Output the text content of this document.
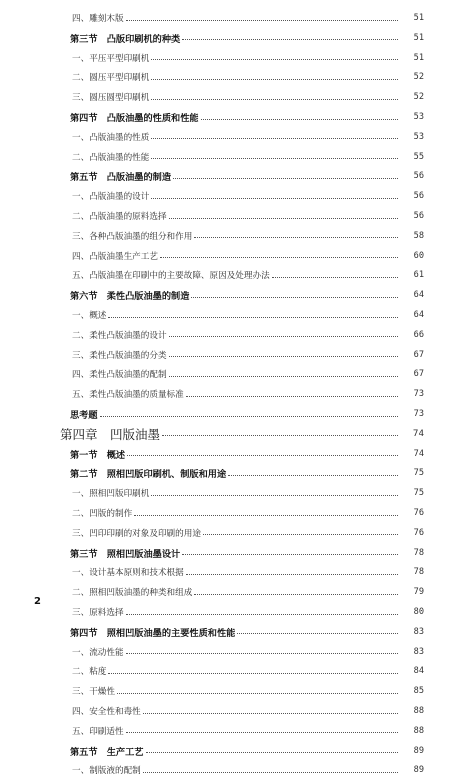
四、雕刻木版	51
第三节　凸版印刷机的种类	51
一、平压平型印刷机	51
二、圆压平型印刷机	52
三、圆压圆型印刷机	52
第四节　凸版油墨的性质和性能	53
一、凸版油墨的性质	53
二、凸版油墨的性能	55
第五节　凸版油墨的制造	56
一、凸版油墨的设计	56
二、凸版油墨的原料选择	56
三、各种凸版油墨的组分和作用	58
四、凸版油墨生产工艺	60
五、凸版油墨在印刷中的主要故障、原因及处理办法	61
第六节　柔性凸版油墨的制造	64
一、概述	64
二、柔性凸版油墨的设计	66
三、柔性凸版油墨的分类	67
四、柔性凸版油墨的配制	67
五、柔性凸版油墨的质量标准	73
思考题	73
第四章　凹版油墨	74
第一节　概述	74
第二节　照相凹版印刷机、制版和用途	75
一、照相凹版印刷机	75
二、凹版的制作	76
三、凹印印刷的对象及印刷的用途	76
第三节　照相凹版油墨设计	78
一、设计基本原则和技术根据	78
二、照相凹版油墨的种类和组成	79
三、原料选择	80
第四节　照相凹版油墨的主要性质和性能	83
一、流动性能	83
二、粘度	84
三、干燥性	85
四、安全性和毒性	88
五、印刷适性	88
第五节　生产工艺	89
一、制版液的配制	89
2
